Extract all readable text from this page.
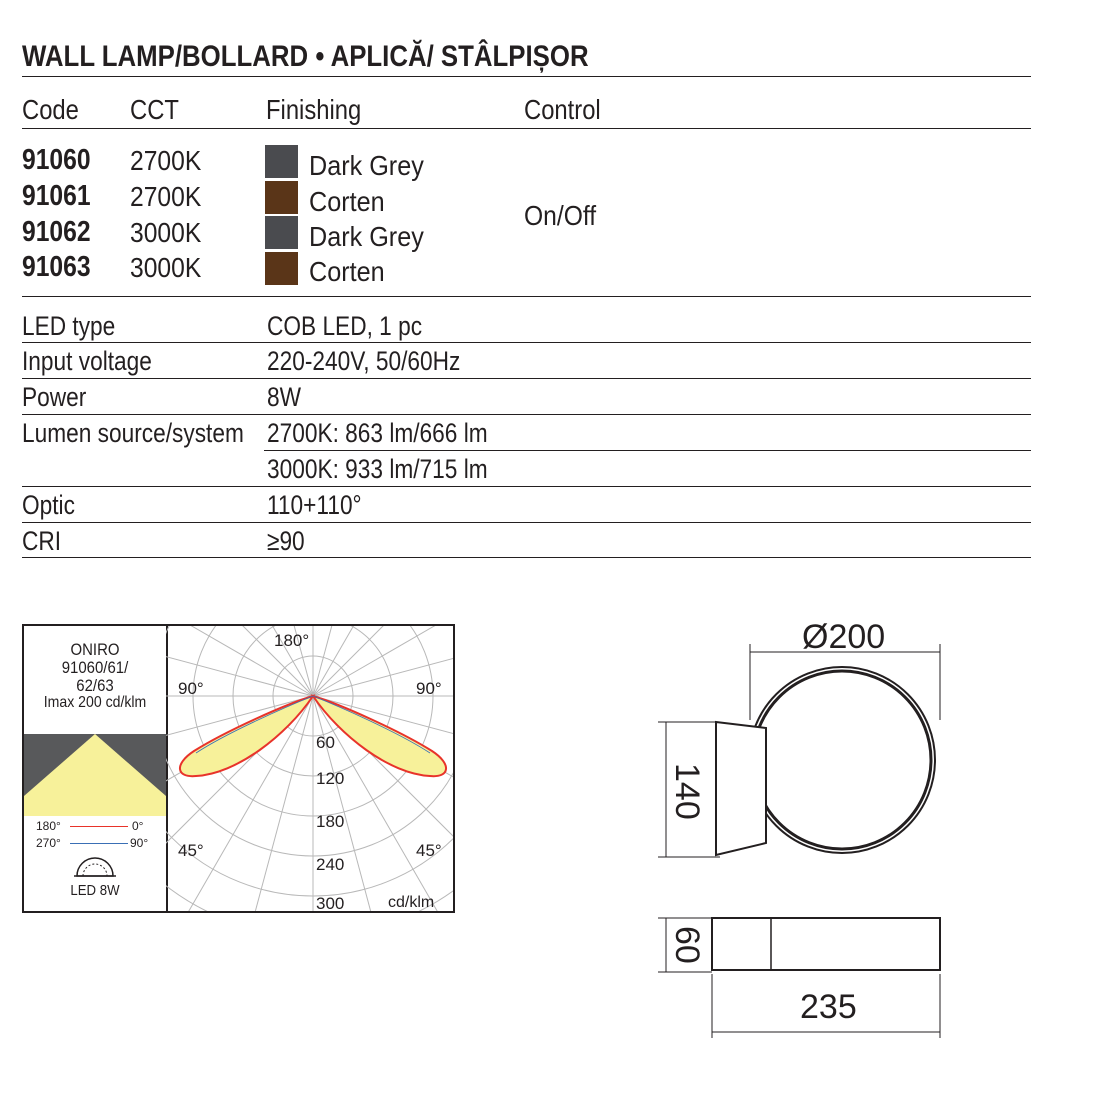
WALL LAMP/BOLLARD • APLICĂ/ STÂLPIȘOR
Code CCT	Finishing	Control
91060 2700K	Dark Grey
91061 2700K	Corten
91062 3000K	Dark Grey
91063 3000K	Corten
On/Off
LED type	COB LED, 1 pc
Input voltage	220-240V, 50/60Hz
Power	8W
Lumen source/system 2700K: 863 lm/666 lm
3000K: 933 lm/715 lm
Optic	110+110°
CRI	≥90
ONIRO
91060/61/
62/63
Imax 200 cd/klm
180°	0°
270°	90°
LED 8W
180°
90°	90°
45°	45°
60
120
180
240
300	cd/klm
Ø200
140
60
235
